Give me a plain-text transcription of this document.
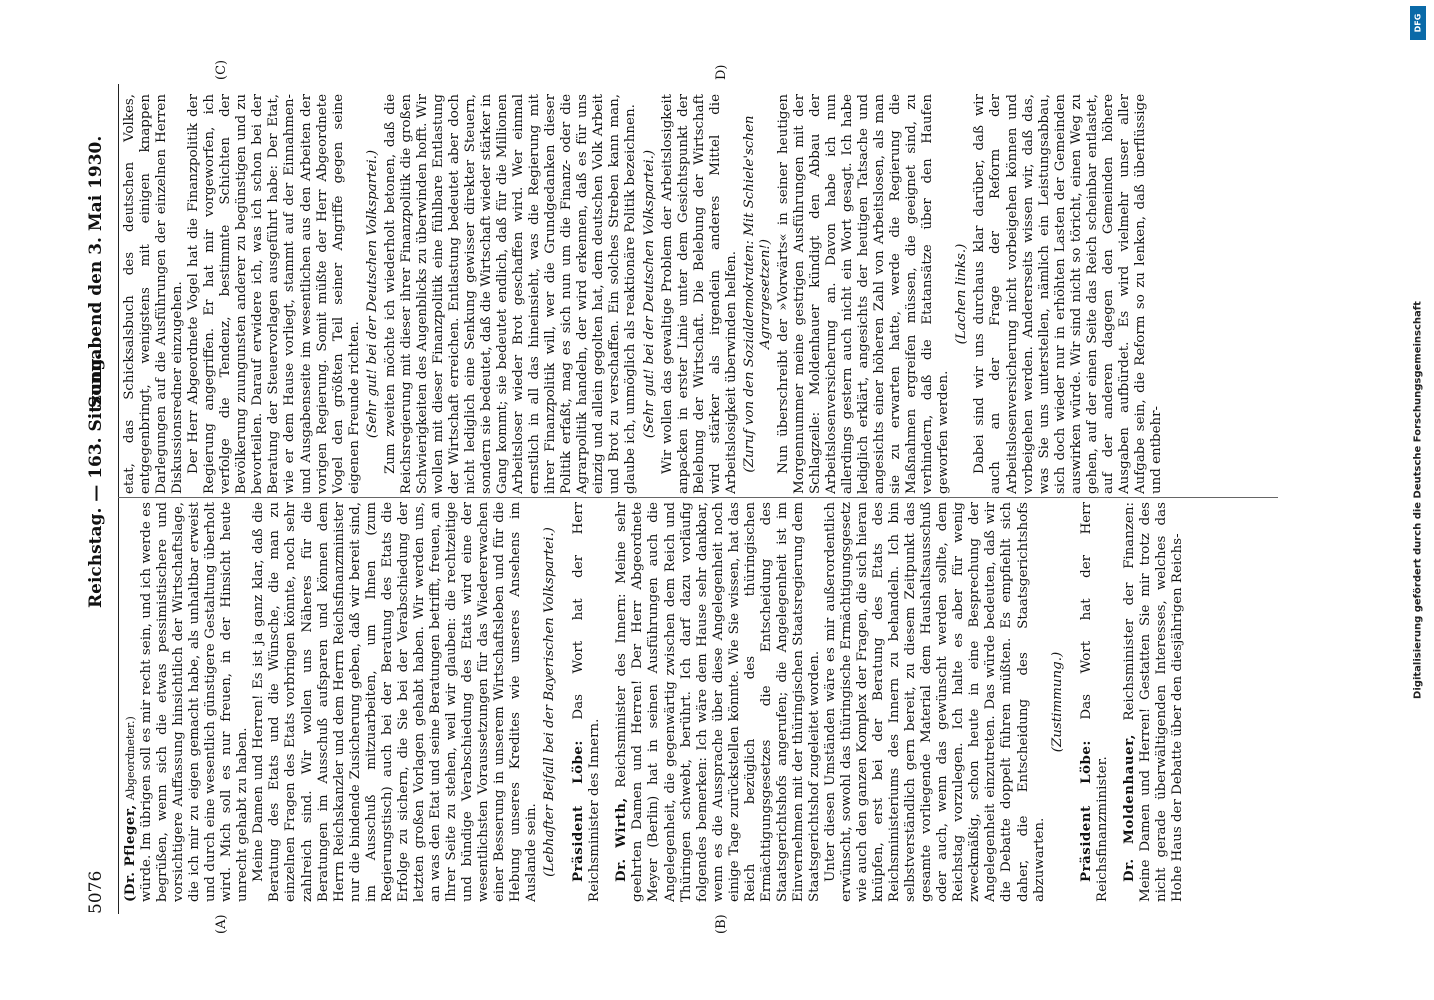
5076
Reichstag. — 163. Sitzung.
Sonnabend den 3. Mai 1930.
(A)	(B)
(C)	D)

(Dr. Pfleger, Abgeordneter.) würde. Im übrigen soll es mir recht sein, und ich werde es begrüßen, wenn sich die etwas pessimistischere und vorsichtigere Auffassung hinsichtlich der Wirtschaftslage, die ich mir zu eigen gemacht habe, als unhaltbar erweist und durch eine wesentlich günstigere Gestaltung überholt wird. Mich soll es nur freuen, in der Hinsicht heute unrecht gehabt zu haben. Meine Damen und Herren! Es ist ja ganz klar, daß die Beratung des Etats und die Wünsche, die man zu einzelnen Fragen des Etats vorbringen könnte, noch sehr zahlreich sind. Wir wollen uns Näheres für die Beratungen im Ausschuß aufsparen und können dem Herrn Reichskanzler und dem Herrn Reichsfinanzminister nur die bindende Zusicherung geben, daß wir bereit sind, im Ausschuß mitzuarbeiten, um Ihnen (zum Regierungstisch) auch bei der Beratung des Etats die Erfolge zu sichern, die Sie bei der Verabschiedung der letzten großen Vorlagen gehabt haben. Wir werden uns, an was den Etat und seine Beratungen betrifft, freuen, an Ihrer Seite zu stehen, weil wir glauben: die rechtzeitige und bündige Verabschiedung des Etats wird eine der wesentlichsten Voraussetzungen für das Wiedererwachen einer Besserung in unserem Wirtschaftsleben und für die Hebung unseres Kredites wie unseres Ansehens im Auslande sein. (Lebhafter Beifall bei der Bayerischen Volkspartei.) Präsident Löbe: Das Wort hat der Herr Reichsminister des Innern. Dr. Wirth, Reichsminister des Innern: Meine sehr geehrten Damen und Herren! Der Herr Abgeordnete Meyer (Berlin) hat in seinen Ausführungen auch die Angelegenheit, die gegenwärtig zwischen dem Reich und Thüringen schwebt, berührt. Ich darf dazu vorläufig folgendes bemerken: Ich wäre dem Hause sehr dankbar, wenn es die Aussprache über diese Angelegenheit noch einige Tage zurückstellen könnte. Wie Sie wissen, hat das Reich bezüglich des thüringischen Ermächtigungsgesetzes die Entscheidung des Staatsgerichtshofs angerufen; die Angelegenheit ist im Einvernehmen mit der thüringischen Staatsregierung dem Staatsgerichtshof zugeleitet worden. Unter diesen Umständen wäre es mir außerordentlich erwünscht, sowohl das thüringische Ermächtigungsgesetz wie auch den ganzen Komplex der Fragen, die sich hieran knüpfen, erst bei der Beratung des Etats des Reichsministeriums des Innern zu behandeln. Ich bin selbstverständlich gern bereit, zu diesem Zeitpunkt das gesamte vorliegende Material dem Haushaltsausschuß oder auch, wenn das gewünscht werden sollte, dem Reichstag vorzulegen. Ich halte es aber für wenig zweckmäßig, schon heute in eine Besprechung der Angelegenheit einzutreten. Das würde bedeuten, daß wir die Debatte doppelt führen müßten. Es empfiehlt sich daher, die Entscheidung des Staatsgerichtshofs abzuwarten.

(Zustimmung.)

Präsident Löbe: Das Wort hat der Herr Reichsfinanzminister. Dr. Moldenhauer, Reichsminister der Finanzen: Meine Damen und Herren! Gestatten Sie mir trotz des nicht gerade überwältigenden Interesses, welches das Hohe Haus der Debatte über den diesjährigen Reichs-

etat, das Schicksalsbuch des deutschen Volkes, entgegenbringt, wenigstens mit einigen knappen Darlegungen auf die Ausführungen der einzelnen Herren Diskussionsredner einzugehen. Der Herr Abgeordnete Vogel hat die Finanzpolitik der Regierung angegriffen. Er hat mir vorgeworfen, ich verfolge die Tendenz, bestimmte Schichten der Bevölkerung zuungunsten anderer zu begünstigen und zu bevorteilen. Darauf erwidere ich, was ich schon bei der Beratung der Steuervorlagen ausgeführt habe: Der Etat, wie er dem Hause vorliegt, stammt auf der Einnahmen- und Ausgabenseite im wesentlichen aus den Arbeiten der vorigen Regierung. Somit müßte der Herr Abgeordnete Vogel den größten Teil seiner Angriffe gegen seine eigenen Freunde richten. (Sehr gut! bei der Deutschen Volkspartei.) Zum zweiten möchte ich wiederholt betonen, daß die Reichsregierung mit dieser ihrer Finanzpolitik die großen Schwierigkeiten des Augenblicks zu überwinden hofft. Wir wollen mit dieser Finanzpolitik eine fühlbare Entlastung der Wirtschaft erreichen. Entlastung bedeutet aber doch nicht lediglich eine Senkung gewisser direkter Steuern, sondern sie bedeutet, daß die Wirtschaft wieder stärker in Gang kommt; sie bedeutet endlich, daß für die Millionen Arbeitsloser wieder Brot geschaffen wird. Wer einmal ernstlich in all das hineinsieht, was die Regierung mit ihrer Finanzpolitik will, wer die Grundgedanken dieser Politik erfaßt, mag es sich nun um die Finanz- oder die Agrarpolitik handeln, der wird erkennen, daß es für uns einzig und allein gegolten hat, dem deutschen Volk Arbeit und Brot zu verschaffen. Ein solches Streben kann man, glaube ich, unmöglich als reaktionäre Politik bezeichnen. (Sehr gut! bei der Deutschen Volkspartei.) Wir wollen das gewaltige Problem der Arbeitslosigkeit anpacken in erster Linie unter dem Gesichtspunkt der Belebung der Wirtschaft. Die Belebung der Wirtschaft wird stärker als irgendein anderes Mittel die Arbeitslosigkeit überwinden helfen. (Zuruf von den Sozialdemokraten: Mit Schiele'schen Agrargesetzen!) Nun überschreibt der »Vorwärts« in seiner heutigen Morgennummer meine gestrigen Ausführungen mit der Schlagzeile: Moldenhauer kündigt den Abbau der Arbeitslosenversicherung an. Davon habe ich nun allerdings gestern auch nicht ein Wort gesagt. Ich habe lediglich erklärt, angesichts der heutigen Tatsache und angesichts einer höheren Zahl von Arbeitslosen, als man sie zu erwarten hatte, werde die Regierung die Maßnahmen ergreifen müssen, die geeignet sind, zu verhindern, daß die Etatansätze über den Haufen geworfen werden.

(Lachen links.) Dabei sind wir uns durchaus klar darüber, daß wir auch an der Frage der Reform der Arbeitslosenversicherung nicht vorbeigehen können und vorbeigehen werden. Andererseits wissen wir, daß das, was Sie uns unterstellen, nämlich ein Leistungsabbau, sich doch wieder nur in erhöhten Lasten der Gemeinden auswirken würde. Wir sind nicht so töricht, einen Weg zu gehen, auf der einen Seite das Reich scheinbar entlastet, auf der anderen dagegen den Gemeinden höhere Ausgaben aufbürdet. Es wird vielmehr unser aller Aufgabe sein, die Reform so zu lenken, daß überflüssige und entbehr-

DFG
Digitalisierung gefördert durch die Deutsche Forschungsgemeinschaft
